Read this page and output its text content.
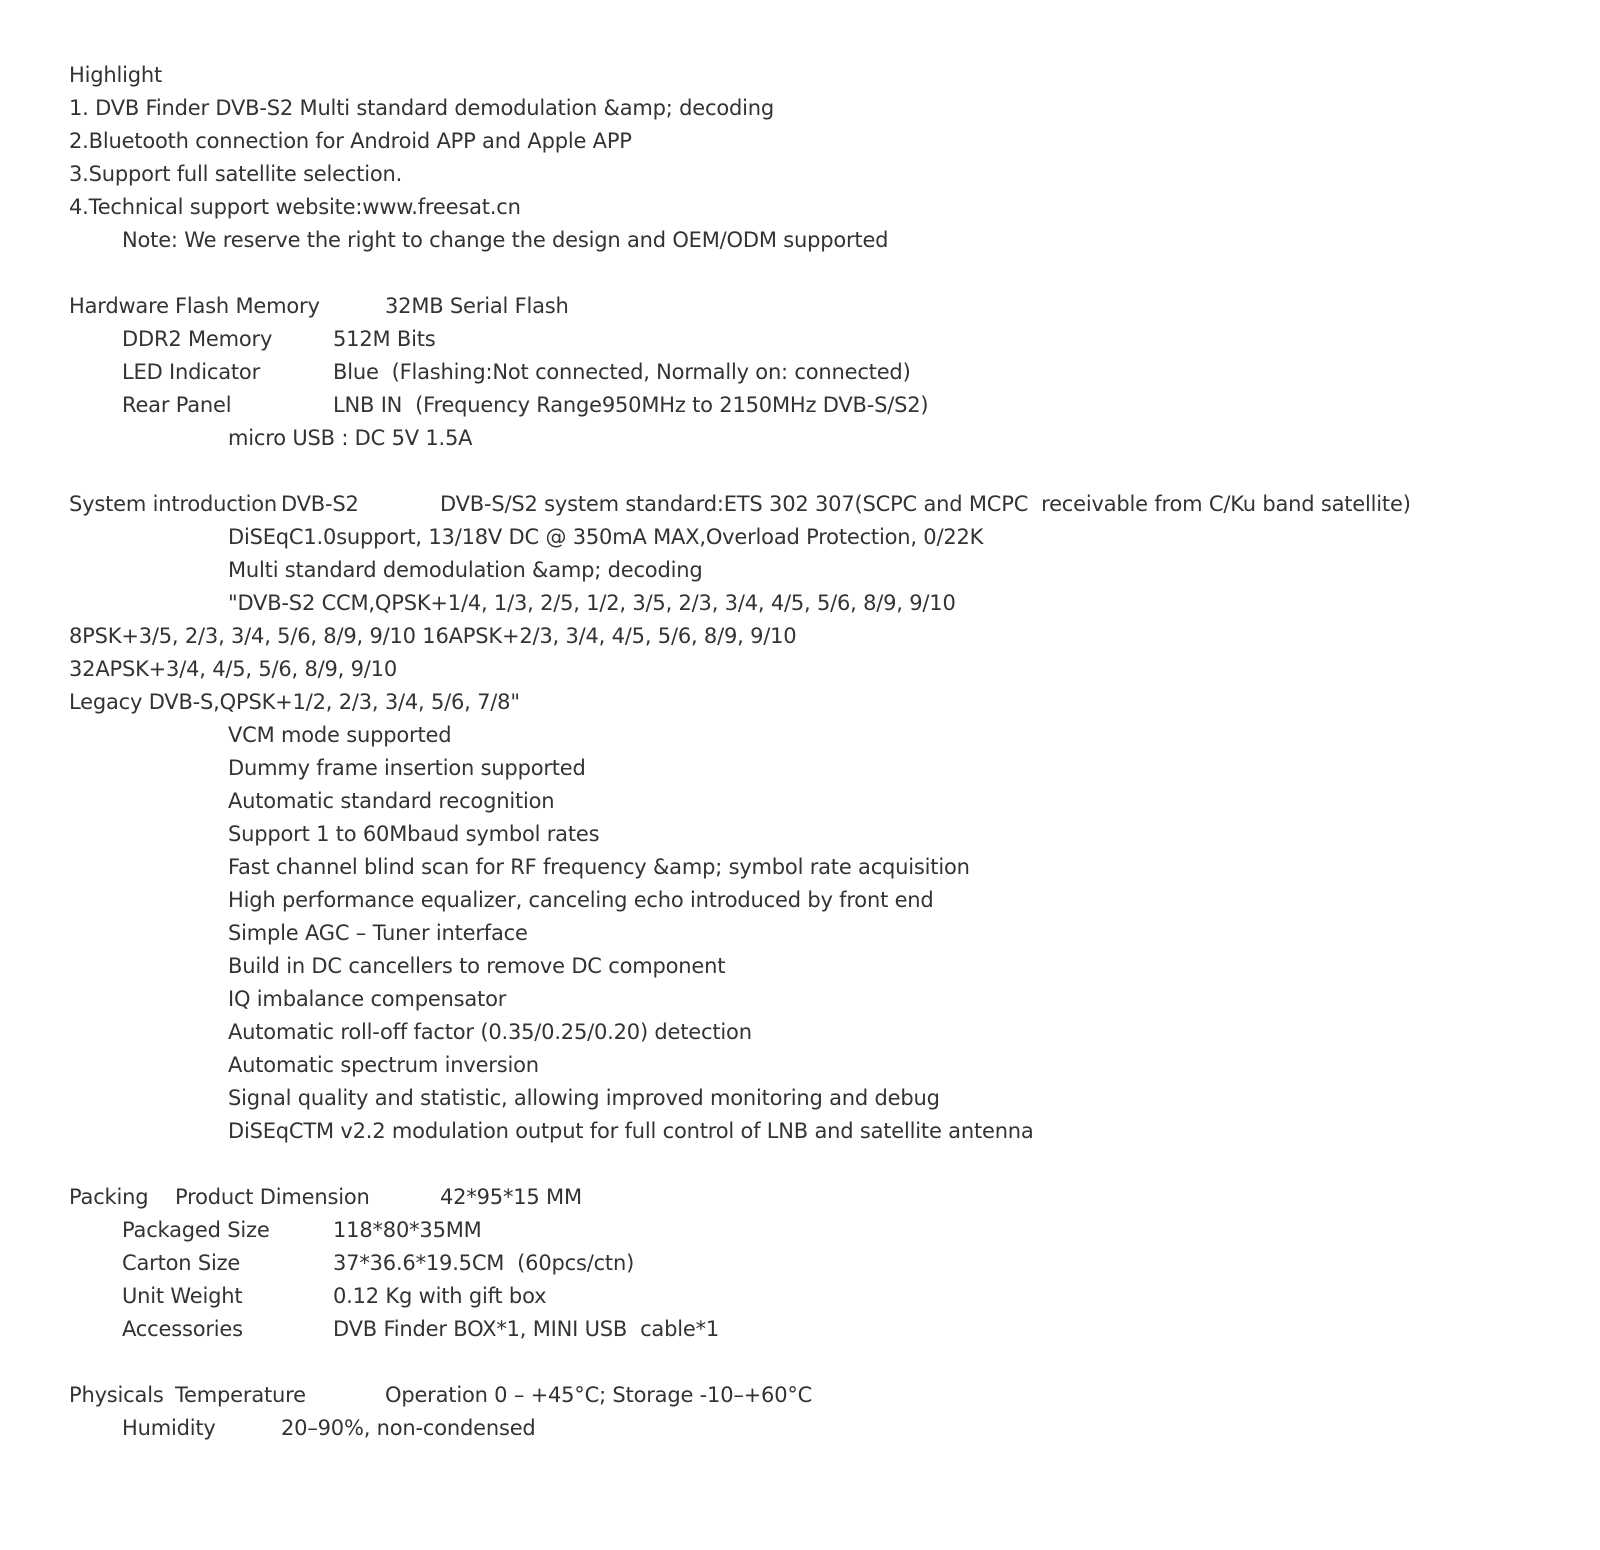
Highlight
1. DVB Finder DVB-S2 Multi standard demodulation &amp; decoding
2.Bluetooth connection for Android APP and Apple APP
3.Support full satellite selection.
4.Technical support website:www.freesat.cn
Note: We reserve the right to change the design and OEM/ODM supported
Hardware Flash Memory	32MB Serial Flash
DDR2 Memory	512M Bits
LED Indicator	Blue  (Flashing:Not connected, Normally on: connected)
Rear Panel	LNB IN  (Frequency Range950MHz to 2150MHz DVB-S/S2)
micro USB : DC 5V 1.5A
System introduction DVB-S2	DVB-S/S2 system standard:ETS 302 307(SCPC and MCPC  receivable from C/Ku band satellite)
DiSEqC1.0support, 13/18V DC @ 350mA MAX,Overload Protection, 0/22K
Multi standard demodulation &amp; decoding
"DVB-S2 CCM,QPSK+1/4, 1/3, 2/5, 1/2, 3/5, 2/3, 3/4, 4/5, 5/6, 8/9, 9/10
8PSK+3/5, 2/3, 3/4, 5/6, 8/9, 9/10 16APSK+2/3, 3/4, 4/5, 5/6, 8/9, 9/10
32APSK+3/4, 4/5, 5/6, 8/9, 9/10
Legacy DVB-S,QPSK+1/2, 2/3, 3/4, 5/6, 7/8"
VCM mode supported
Dummy frame insertion supported
Automatic standard recognition
Support 1 to 60Mbaud symbol rates
Fast channel blind scan for RF frequency &amp; symbol rate acquisition
High performance equalizer, canceling echo introduced by front end
Simple AGC – Tuner interface
Build in DC cancellers to remove DC component
IQ imbalance compensator
Automatic roll-off factor (0.35/0.25/0.20) detection
Automatic spectrum inversion
Signal quality and statistic, allowing improved monitoring and debug
DiSEqCTM v2.2 modulation output for full control of LNB and satellite antenna
Packing Product Dimension	42*95*15 MM
Packaged Size	118*80*35MM
Carton Size	37*36.6*19.5CM  (60pcs/ctn)
Unit Weight	0.12 Kg with gift box
Accessories	DVB Finder BOX*1, MINI USB  cable*1
Physicals Temperature	Operation 0 – +45°C; Storage -10–+60°C
Humidity	20–90%, non-condensed
